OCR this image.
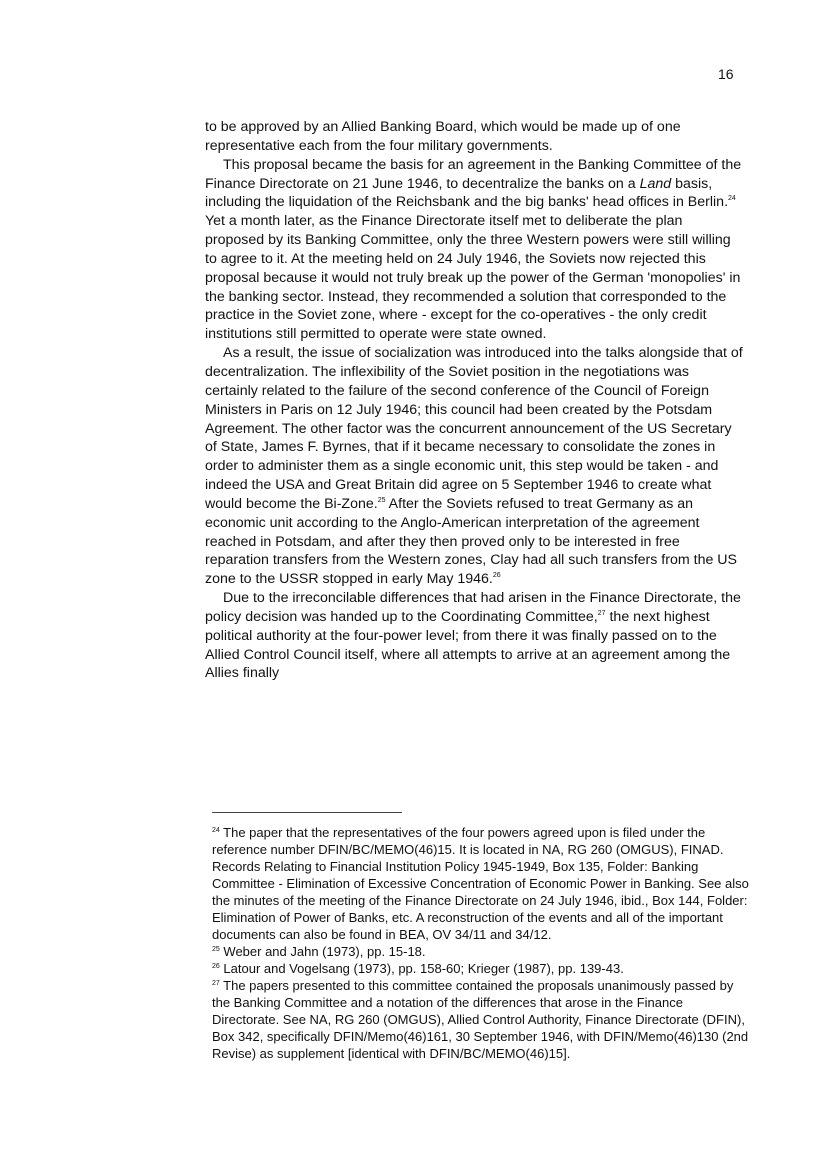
16

to be approved by an Allied Banking Board, which would be made up of one representative each from the four military governments.

This proposal became the basis for an agreement in the Banking Committee of the Finance Directorate on 21 June 1946, to decentralize the banks on a Land basis, including the liquidation of the Reichsbank and the big banks' head offices in Berlin.$^{24}$ Yet a month later, as the Finance Directorate itself met to deliberate the plan proposed by its Banking Committee, only the three Western powers were still willing to agree to it. At the meeting held on 24 July 1946, the Soviets now rejected this proposal because it would not truly break up the power of the German 'monopolies' in the banking sector. Instead, they recommended a solution that corresponded to the practice in the Soviet zone, where - except for the co-operatives - the only credit institutions still permitted to operate were state owned.

As a result, the issue of socialization was introduced into the talks alongside that of decentralization. The inflexibility of the Soviet position in the negotiations was certainly related to the failure of the second conference of the Council of Foreign Ministers in Paris on 12 July 1946; this council had been created by the Potsdam Agreement. The other factor was the concurrent announcement of the US Secretary of State, James F. Byrnes, that if it became necessary to consolidate the zones in order to administer them as a single economic unit, this step would be taken - and indeed the USA and Great Britain did agree on 5 September 1946 to create what would become the Bi-Zone.$^{25}$ After the Soviets refused to treat Germany as an economic unit according to the Anglo-American interpretation of the agreement reached in Potsdam, and after they then proved only to be interested in free reparation transfers from the Western zones, Clay had all such transfers from the US zone to the USSR stopped in early May 1946.26

Due to the irreconcilable differences that had arisen in the Finance Directorate, the policy decision was handed up to the Coordinating Committee,$^{27}$ the next highest political authority at the four-power level; from there it was finally passed on to the Allied Control Council itself, where all attempts to arrive at an agreement among the Allies finally

$^{24}$ The paper that the representatives of the four powers agreed upon is filed under the reference number DFIN/BC/MEMO(46)15. It is located in NA, RG 260 (OMGUS), FINAD. Records Relating to Financial Institution Policy 1945-1949, Box 135, Folder: Banking Committee - Elimination of Excessive Concentration of Economic Power in Banking. See also the minutes of the meeting of the Finance Directorate on 24 July 1946, ibid., Box 144, Folder: Elimination of Power of Banks, etc. A reconstruction of the events and all of the important documents can also be found in BEA, OV 34/11 and 34/12.

$^{25}$ Weber and Jahn (1973), pp. 15-18.

$^{26}$ Latour and Vogelsang (1973), pp. 158-60; Krieger (1987), pp. 139-43.

$^{27}$ The papers presented to this committee contained the proposals unanimously passed by the Banking Committee and a notation of the differences that arose in the Finance Directorate. See NA, RG 260 (OMGUS), Allied Control Authority, Finance Directorate (DFIN), Box 342, specifically DFIN/Memo(46)161, 30 September 1946, with DFIN/Memo(46)130 (2nd Revise) as supplement [identical with DFIN/BC/MEMO(46)15].
